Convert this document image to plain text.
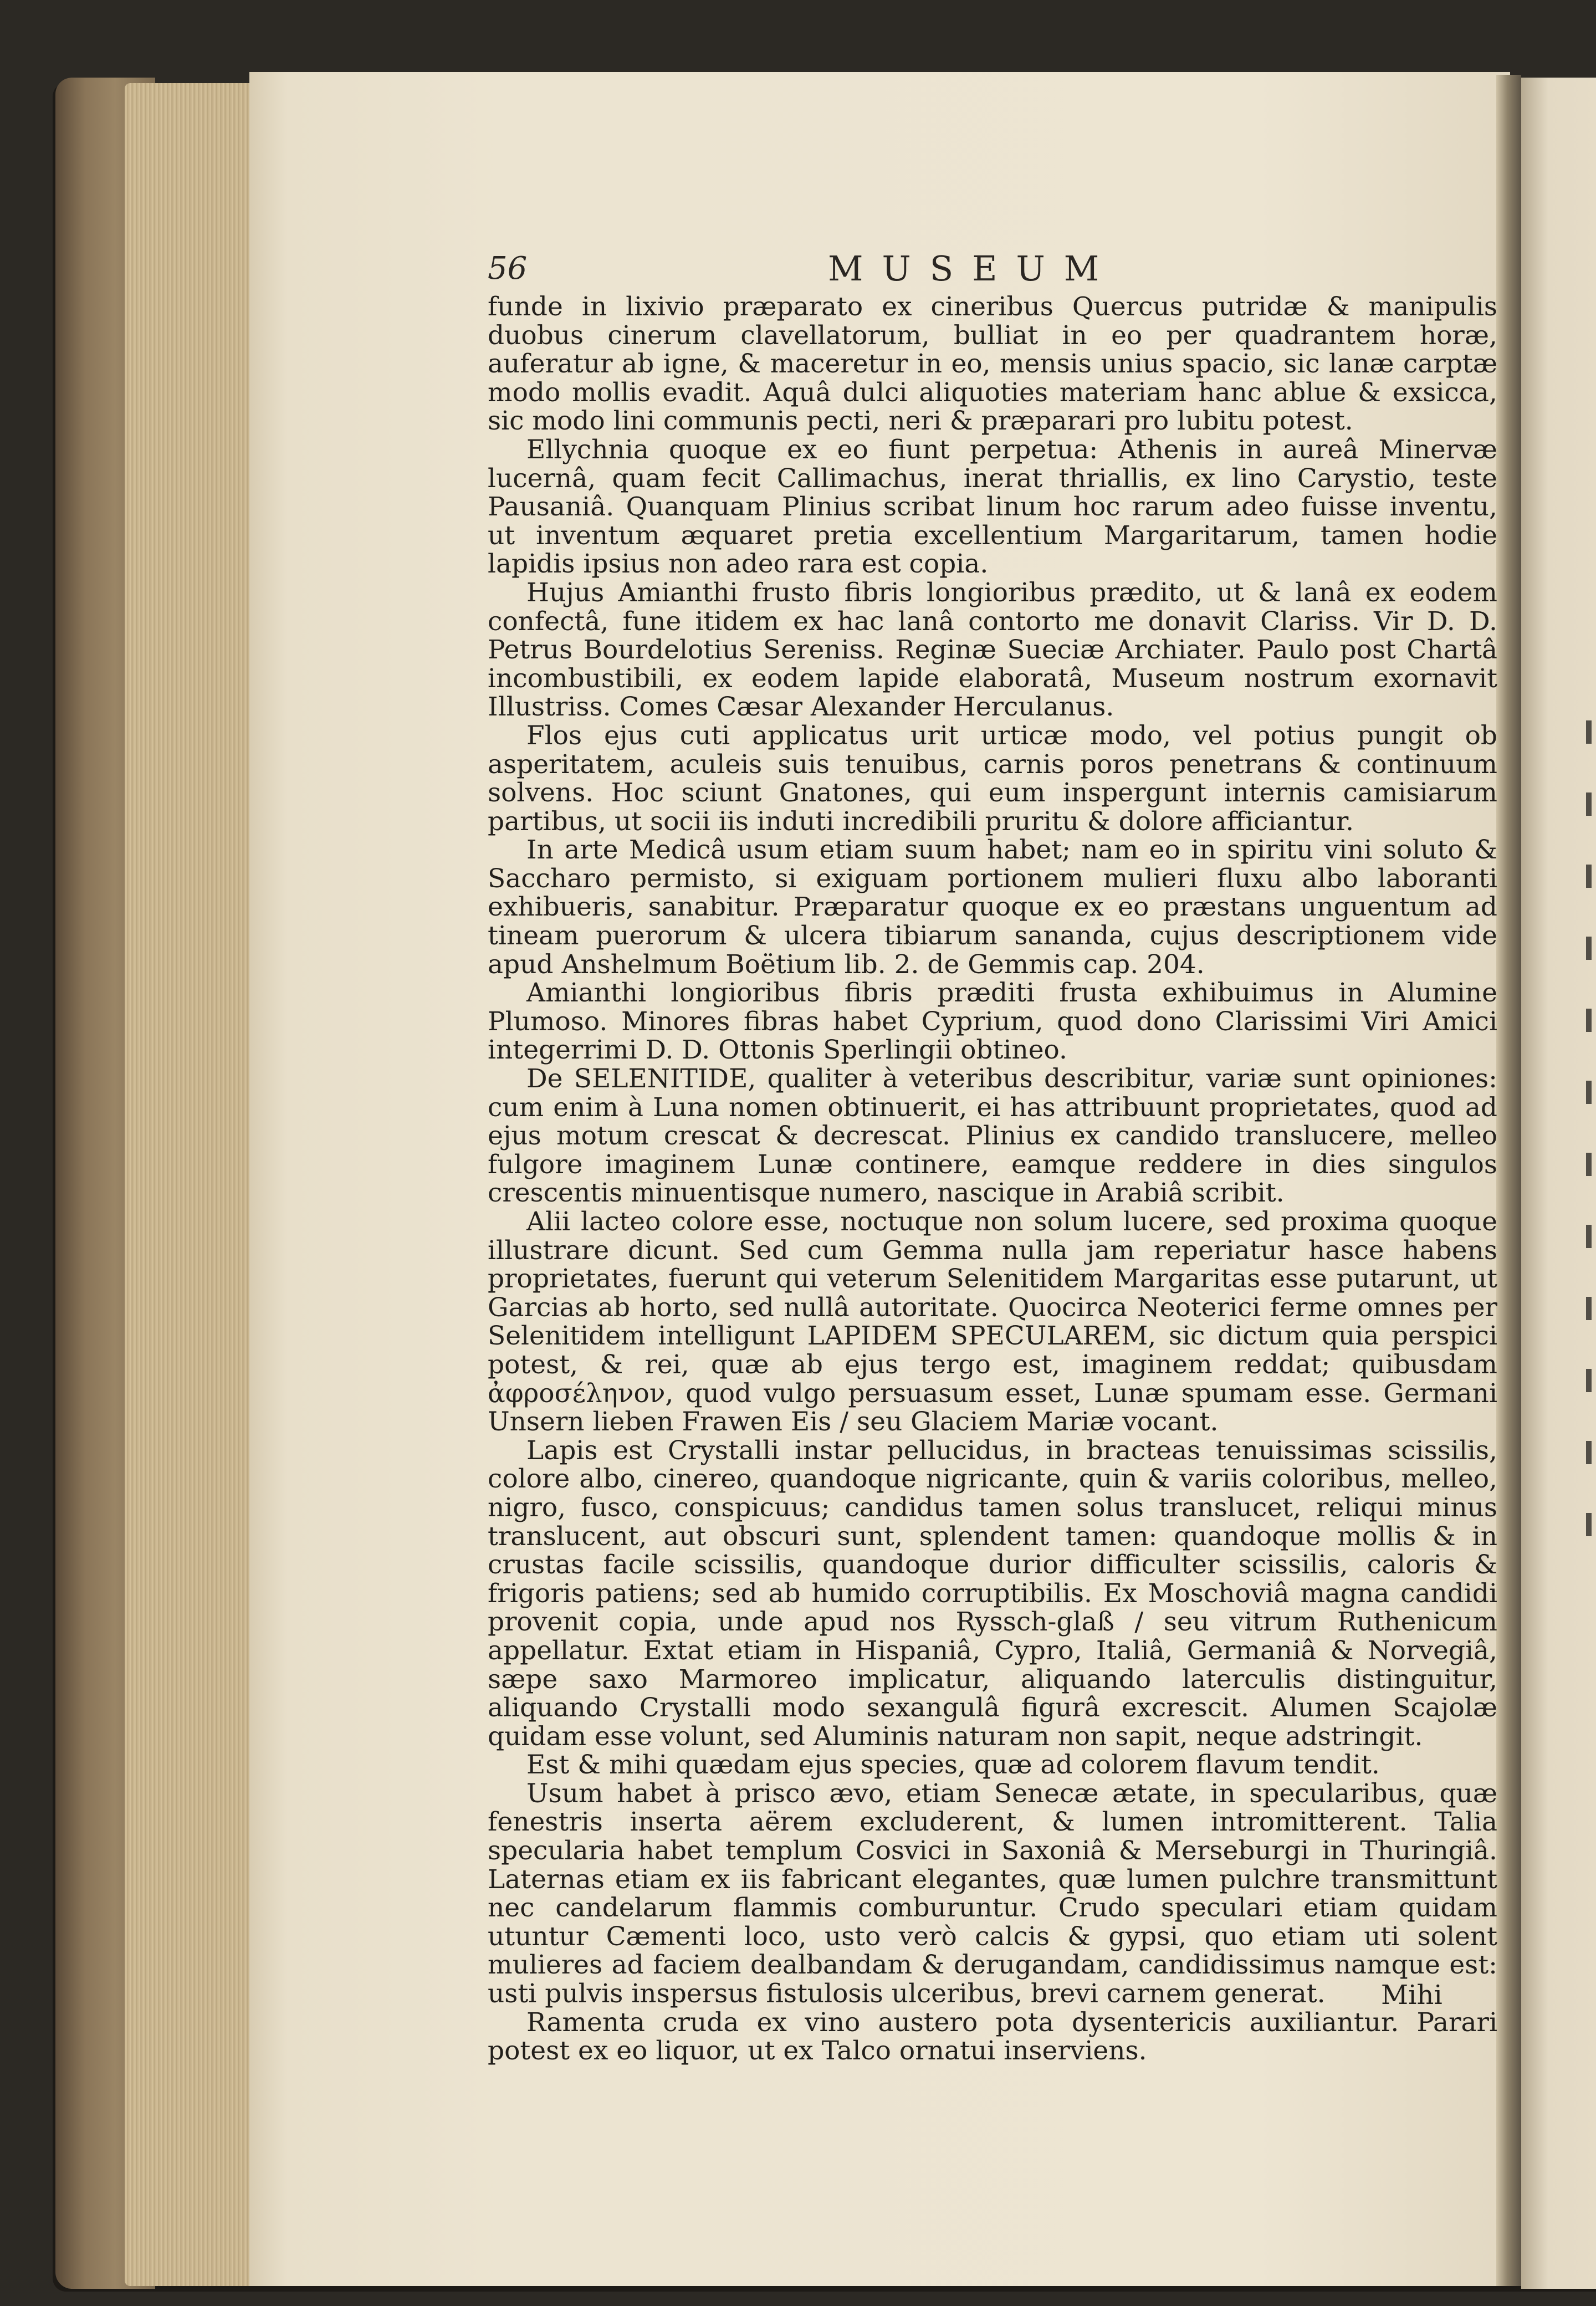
56	MUSEUM

funde in lixivio præparato ex cineribus Quercus putridæ & manipulis duobus cinerum clavellatorum, bulliat in eo per quadrantem horæ, auferatur ab igne, & maceretur in eo, mensis unius spacio, sic lanæ carptæ modo mollis evadit. Aquâ dulci aliquoties materiam hanc ablue & exsicca, sic modo lini communis pecti, neri & præparari pro lubitu potest.

Ellychnia quoque ex eo fiunt perpetua: Athenis in aureâ Minervæ lucernâ, quam fecit Callimachus, inerat thriallis, ex lino Carystio, teste Pausaniâ. Quanquam Plinius scribat linum hoc rarum adeo fuisse inventu, ut inventum æquaret pretia excellentium Margaritarum, tamen hodie lapidis ipsius non adeo rara est copia.

Hujus Amianthi frusto fibris longioribus prædito, ut & lanâ ex eodem confectâ, fune itidem ex hac lanâ contorto me donavit Clariss. Vir D. D. Petrus Bourdelotius Sereniss. Reginæ Sueciæ Archiater. Paulo post Chartâ incombustibili, ex eodem lapide elaboratâ, Museum nostrum exornavit Illustriss. Comes Cæsar Alexander Herculanus.

Flos ejus cuti applicatus urit urticæ modo, vel potius pungit ob asperitatem, aculeis suis tenuibus, carnis poros penetrans & continuum solvens. Hoc sciunt Gnatones, qui eum inspergunt internis camisiarum partibus, ut socii iis induti incredibili pruritu & dolore afficiantur.

In arte Medicâ usum etiam suum habet; nam eo in spiritu vini soluto & Saccharo permisto, si exiguam portionem mulieri fluxu albo laboranti exhibueris, sanabitur. Præparatur quoque ex eo præstans unguentum ad tineam puerorum & ulcera tibiarum sananda, cujus descriptionem vide apud Anshelmum Boëtium lib. 2. de Gemmis cap. 204.

Amianthi longioribus fibris præditi frusta exhibuimus in Alumine Plumoso. Minores fibras habet Cyprium, quod dono Clarissimi Viri Amici integerrimi D. D. Ottonis Sperlingii obtineo.

De SELENITIDE, qualiter à veteribus describitur, variæ sunt opiniones: cum enim à Luna nomen obtinuerit, ei has attribuunt proprietates, quod ad ejus motum crescat & decrescat. Plinius ex candido translucere, melleo fulgore imaginem Lunæ continere, eamque reddere in dies singulos crescentis minuentisque numero, nascique in Arabiâ scribit.

Alii lacteo colore esse, noctuque non solum lucere, sed proxima quoque illustrare dicunt. Sed cum Gemma nulla jam reperiatur hasce habens proprietates, fuerunt qui veterum Selenitidem Margaritas esse putarunt, ut Garcias ab horto, sed nullâ autoritate. Quocirca Neoterici ferme omnes per Selenitidem intelligunt LAPIDEM SPECULAREM, sic dictum quia perspici potest, & rei, quæ ab ejus tergo est, imaginem reddat; quibusdam ἀφροσέληνον, quod vulgo persuasum esset, Lunæ spumam esse. Germani Unsern lieben Frawen Eis / seu Glaciem Mariæ vocant.

Lapis est Crystalli instar pellucidus, in bracteas tenuissimas scissilis, colore albo, cinereo, quandoque nigricante, quin & variis coloribus, melleo, nigro, fusco, conspicuus; candidus tamen solus translucet, reliqui minus translucent, aut obscuri sunt, splendent tamen: quandoque mollis & in crustas facile scissilis, quandoque durior difficulter scissilis, caloris & frigoris patiens; sed ab humido corruptibilis. Ex Moschoviâ magna candidi provenit copia, unde apud nos Ryssch-glaß / seu vitrum Ruthenicum appellatur. Extat etiam in Hispaniâ, Cypro, Italiâ, Germaniâ & Norvegiâ, sæpe saxo Marmoreo implicatur, aliquando laterculis distinguitur, aliquando Crystalli modo sexangulâ figurâ excrescit. Alumen Scajolæ quidam esse volunt, sed Aluminis naturam non sapit, neque adstringit.

Est & mihi quædam ejus species, quæ ad colorem flavum tendit.

Usum habet à prisco ævo, etiam Senecæ ætate, in specularibus, quæ fenestris inserta aërem excluderent, & lumen intromitterent. Talia specularia habet templum Cosvici in Saxoniâ & Merseburgi in Thuringiâ. Laternas etiam ex iis fabricant elegantes, quæ lumen pulchre transmittunt nec candelarum flammis comburuntur. Crudo speculari etiam quidam utuntur Cæmenti loco, usto verò calcis & gypsi, quo etiam uti solent mulieres ad faciem dealbandam & derugandam, candidissimus namque est: usti pulvis inspersus fistulosis ulceribus, brevi carnem generat.

Ramenta cruda ex vino austero pota dysentericis auxiliantur. Parari potest ex eo liquor, ut ex Talco ornatui inserviens.

Mihi
